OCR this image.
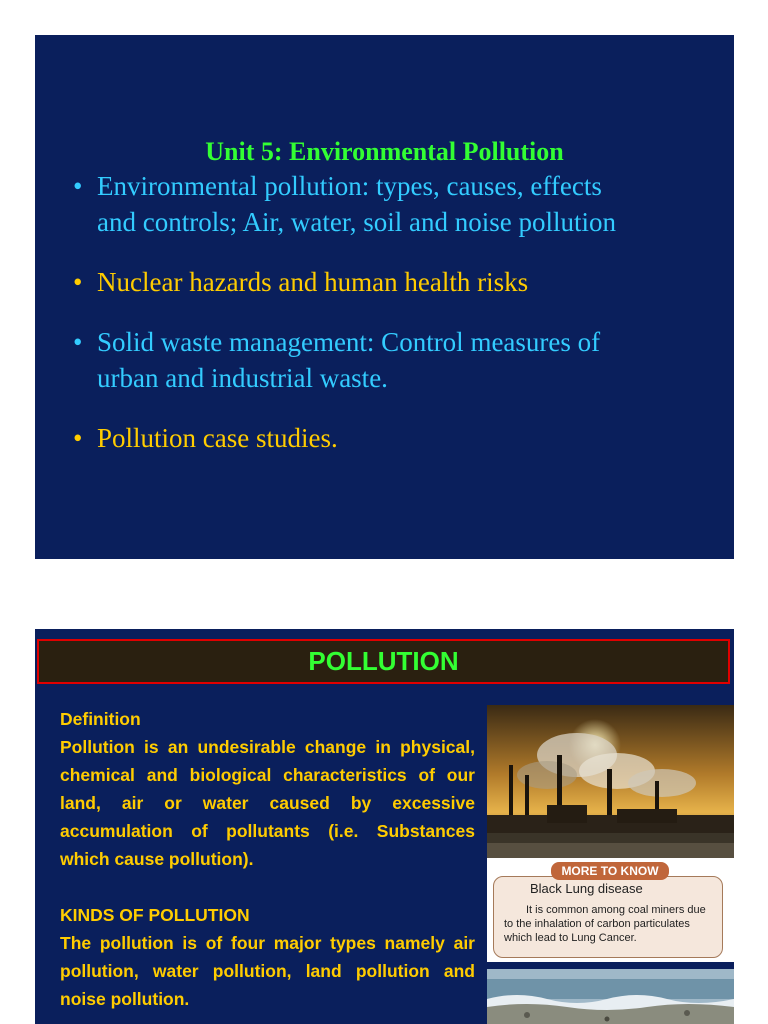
Unit 5: Environmental Pollution
• Environmental pollution: types, causes, effects
and controls; Air, water, soil and noise pollution
• Nuclear hazards and human health risks
• Solid waste management: Control measures of
urban and industrial waste.
• Pollution case studies.
POLLUTION
Definition
Pollution is an undesirable change in physical, chemical and biological characteristics of our land, air or water caused by excessive accumulation of pollutants (i.e. Substances which cause pollution).
KINDS OF POLLUTION
The pollution is of four major types namely air pollution, water pollution, land pollution and noise pollution.
Black Lung disease
It is common among coal miners due to the inhalation of carbon particulates which lead to Lung Cancer.
MORE TO KNOW
